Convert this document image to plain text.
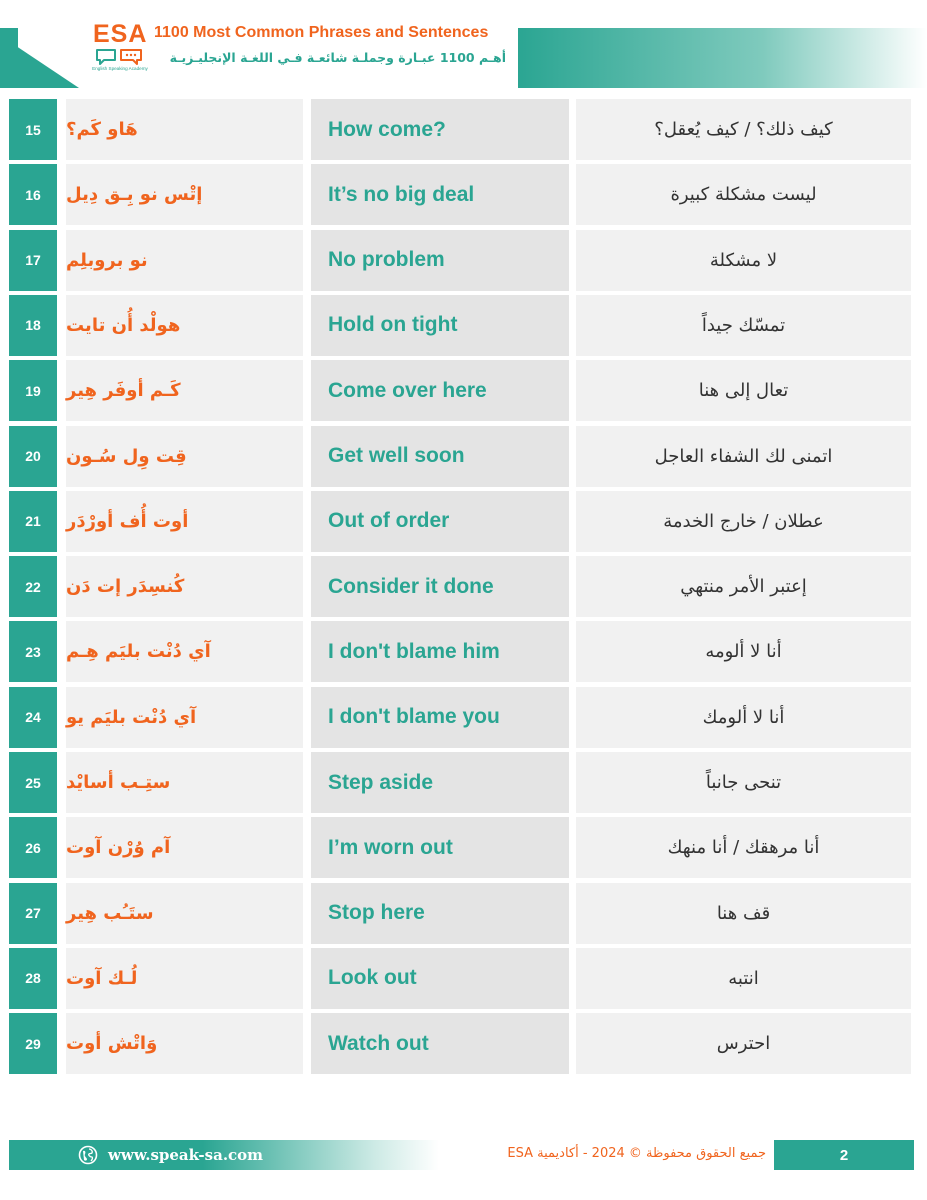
ESA
English Speaking Academy
1100 Most Common Phrases and Sentences
أهـم 1100 عبـارة وجملـة شائعـة فـي اللغـة الإنجليـزيـة
15	هَاو كَم؟	How come?	كيف ذلك؟ / كيف يُعقل؟
16	إتْس نو بِـق دِيل	It’s no big deal	ليست مشكلة كبيرة
17	نو بروبلِم	No problem	لا مشكلة
18	هولْد أُن تايت	Hold on tight	تمسّك جيداً
19	كَـم أوفَر هِير	Come over here	تعال إلى هنا
20	قِت وِل سُـون	Get well soon	اتمنى لك الشفاء العاجل
21	أوت أُف أورْدَر	Out of order	عطلان / خارج الخدمة
22	كُنسِدَر إت دَن	Consider it done	إعتبر الأمر منتهي
23	آي دُنْت بليَم هِـم	I don't blame him	أنا لا ألومه
24	آي دُنْت بليَم يو	I don't blame you	أنا لا ألومك
25	ستِـب أسايْد	Step aside	تنحى جانباً
26	آم وُرْن آوت	I’m worn out	أنا مرهقك / أنا منهك
27	ستَـُب هِير	Stop here	قف هنا
28	لُـك آوت	Look out	انتبه
29	وَاتْش أوت	Watch out	احترس
www.speak-sa.com	جميع الحقوق محفوظة © 2024 - أكاديمية ESA	2
